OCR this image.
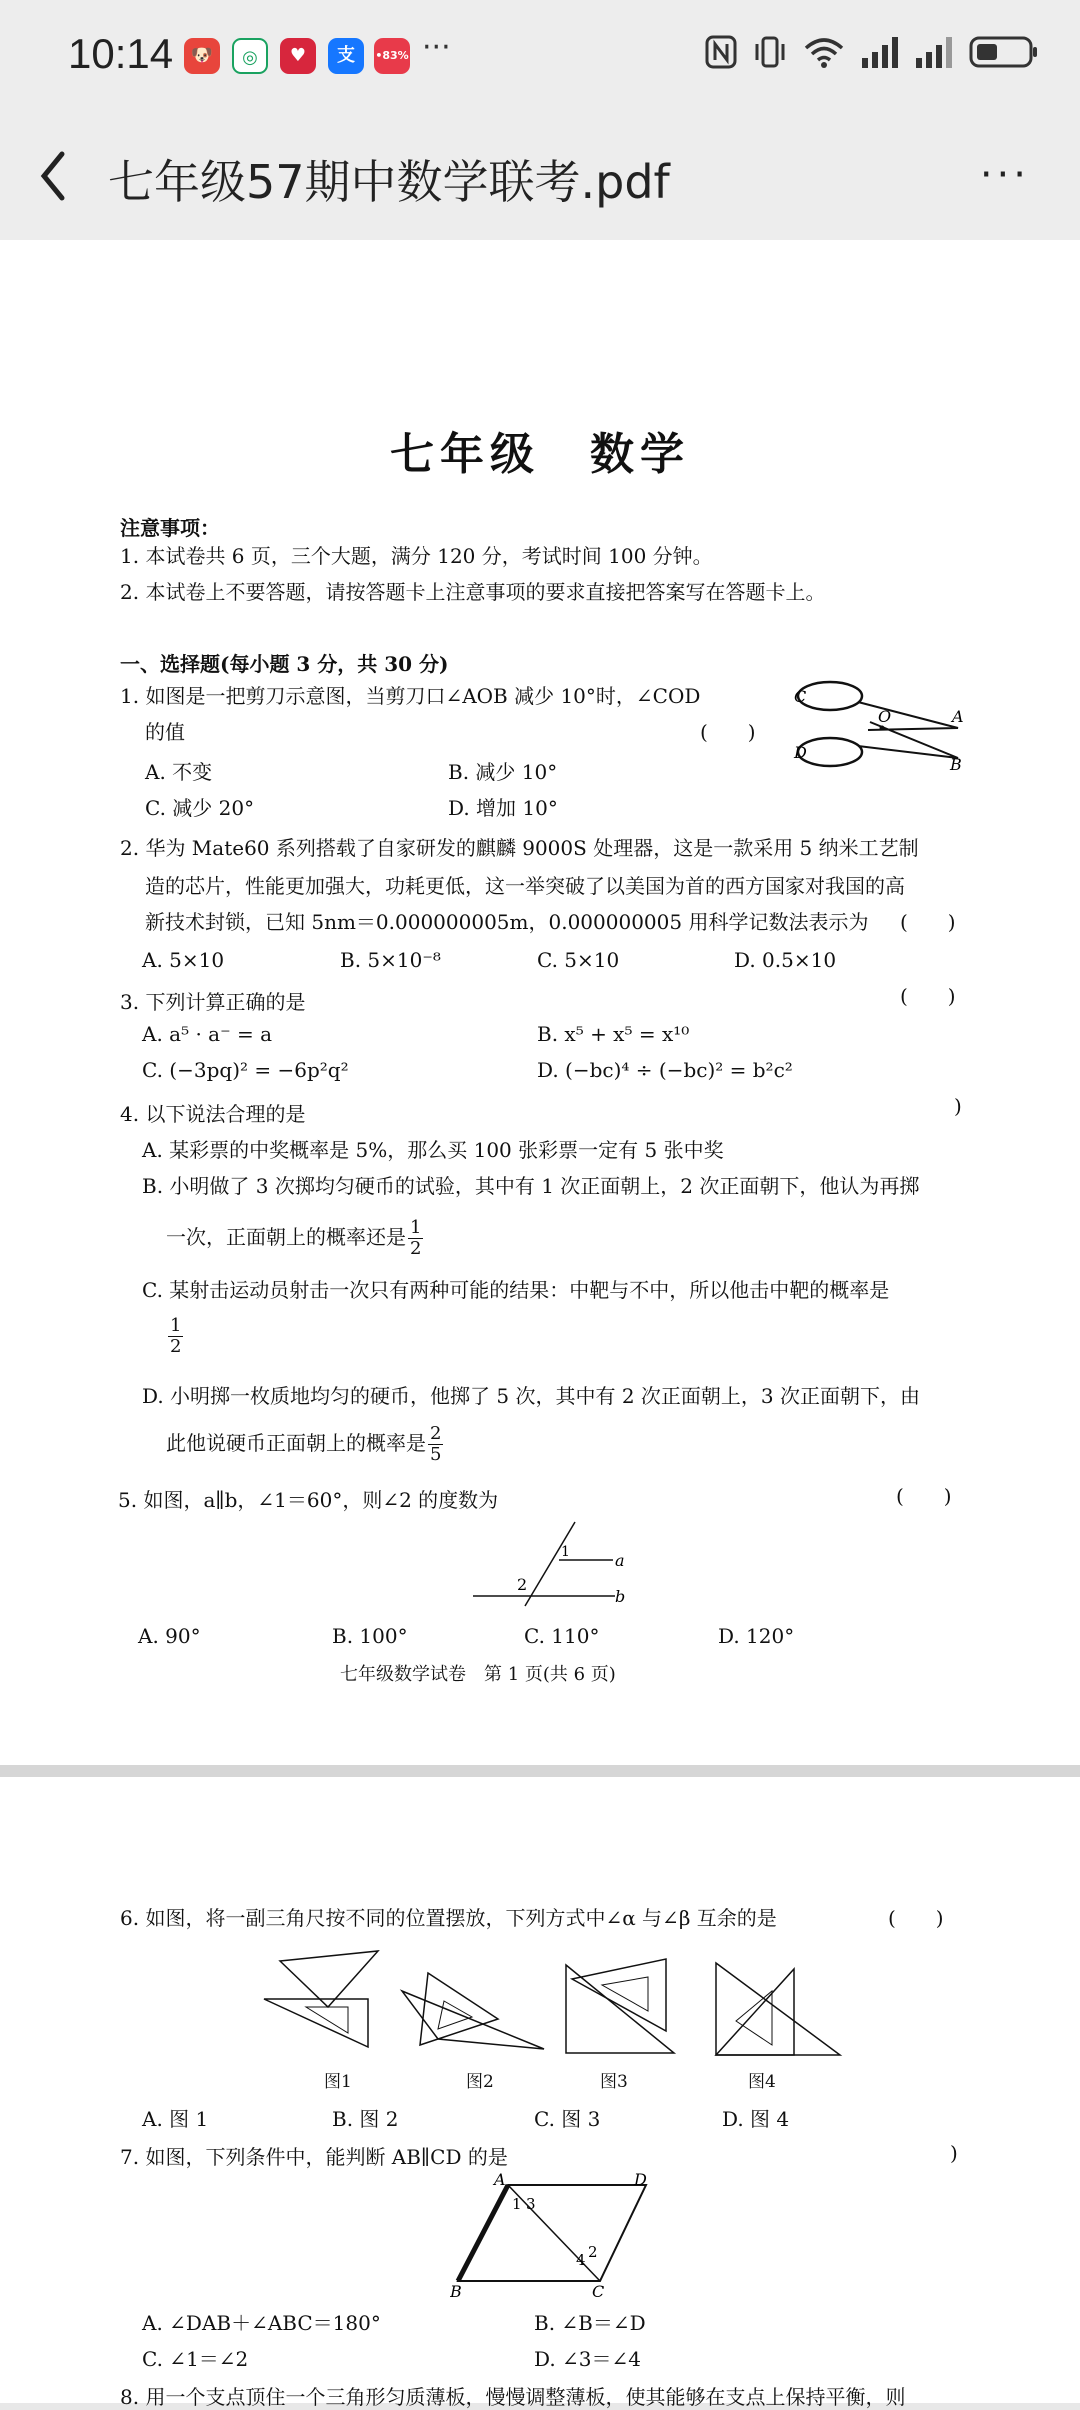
10:14 🐶	◎	♥	支	•83% ···
七年级57期中数学联考.pdf	···
七年级　数学
注意事项：
1. 本试卷共 6 页，三个大题，满分 120 分，考试时间 100 分钟。
2. 本试卷上不要答题，请按答题卡上注意事项的要求直接把答案写在答题卡上。
一、选择题(每小题 3 分，共 30 分)
1. 如图是一把剪刀示意图，当剪刀口∠AOB 减少 10°时，∠COD
的值	(　　)
A. 不变	B. 减少 10°
C. 减少 20°	D. 增加 10°
C
D
O	A
B
2. 华为 Mate60 系列搭载了自家研发的麒麟 9000S 处理器，这是一款采用 5 纳米工艺制
造的芯片，性能更加强大，功耗更低，这一举突破了以美国为首的西方国家对我国的高
新技术封锁，已知 5nm＝0.000000005m，0.000000005 用科学记数法表示为 (　　)
A. 5×10	B. 5×10⁻⁸	C. 5×10	D. 0.5×10
3. 下列计算正确的是	(　　)
A. a⁵ · a⁻ = a	B. x⁵ + x⁵ = x¹⁰
C. (−3pq)² = −6p²q²	D. (−bc)⁴ ÷ (−bc)² = b²c²
4. 以下说法合理的是	)
A. 某彩票的中奖概率是 5%，那么买 100 张彩票一定有 5 张中奖
B. 小明做了 3 次掷均匀硬币的试验，其中有 1 次正面朝上，2 次正面朝下，他认为再掷
一次，正面朝上的概率还是 $\frac{1}{2}$
C. 某射击运动员射击一次只有两种可能的结果：中靶与不中，所以他击中靶的概率是
$\frac{1}{2}$
D. 小明掷一枚质地均匀的硬币，他掷了 5 次，其中有 2 次正面朝上，3 次正面朝下，由
此他说硬币正面朝上的概率是 $\frac{2}{5}$
5. 如图，a∥b，∠1＝60°，则∠2 的度数为	(　　)
a
b
2
1
A. 90°	B. 100°	C. 110°	D. 120°
七年级数学试卷　第 1 页(共 6 页)
6. 如图，将一副三角尺按不同的位置摆放，下列方式中∠α 与∠β 互余的是	(　　)
图1	图2	图3	图4
A. 图 1	B. 图 2	C. 图 3	D. 图 4
7. 如图，下列条件中，能判断 AB∥CD 的是	)
A
B	C
D
1 3
4 2
A. ∠DAB＋∠ABC＝180°	B. ∠B＝∠D
C. ∠1＝∠2	D. ∠3＝∠4
8. 用一个支点顶住一个三角形匀质薄板，慢慢调整薄板，使其能够在支点上保持平衡，则
